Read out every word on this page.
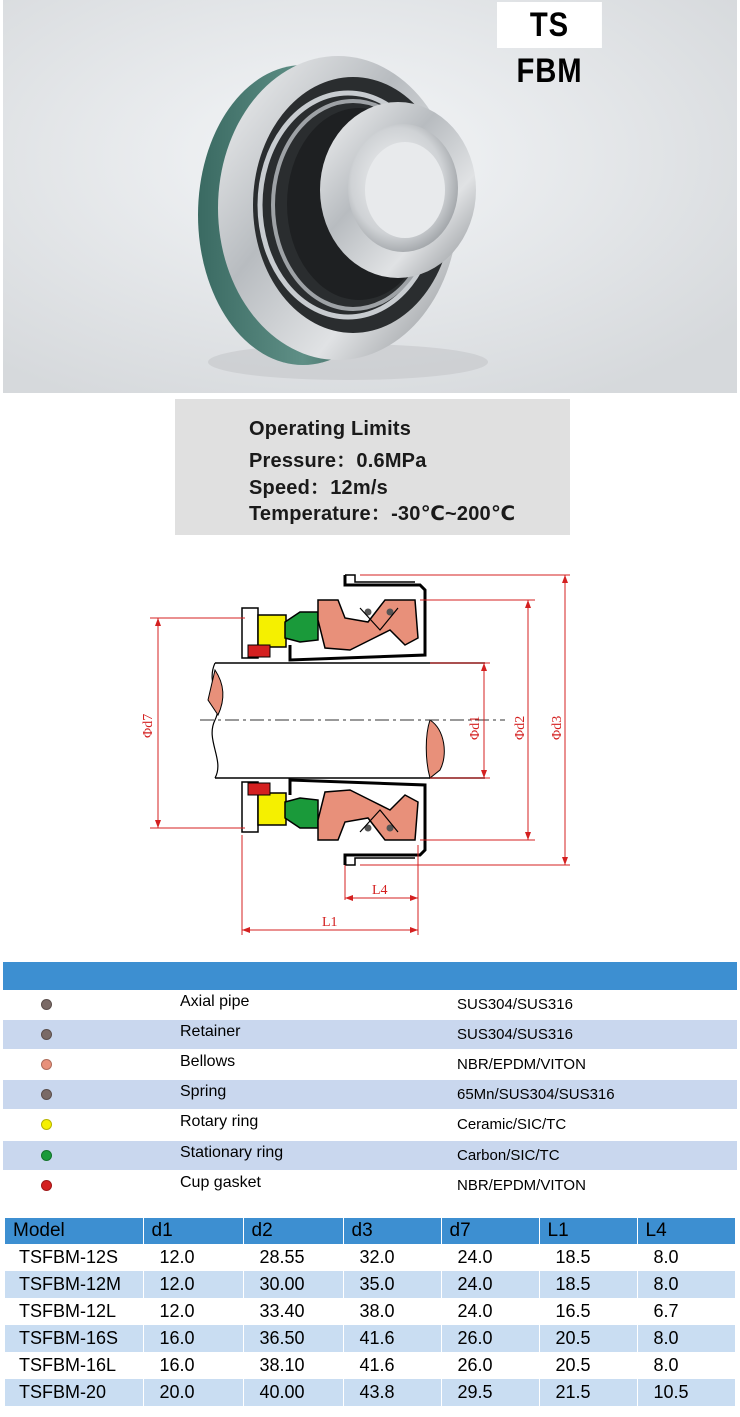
TS FBM
Operating Limits
Pressure：0.6MPa
Speed：12m/s
Temperature：-30℃~200℃
Φd7	Φd1 Φd2 Φd3
L4
L1
Axial pipe	SUS304/SUS316
Retainer	SUS304/SUS316
Bellows	NBR/EPDM/VITON
Spring	65Mn/SUS304/SUS316
Rotary ring	Ceramic/SIC/TC
Stationary ring	Carbon/SIC/TC
Cup gasket	NBR/EPDM/VITON
Model	d1	d2	d3	d7	L1	L4
TSFBM-12S	12.0	28.55	32.0	24.0	18.5	8.0
TSFBM-12M	12.0	30.00	35.0	24.0	18.5	8.0
TSFBM-12L	12.0	33.40	38.0	24.0	16.5	6.7
TSFBM-16S	16.0	36.50	41.6	26.0	20.5	8.0
TSFBM-16L	16.0	38.10	41.6	26.0	20.5	8.0
TSFBM-20	20.0	40.00	43.8	29.5	21.5	10.5
